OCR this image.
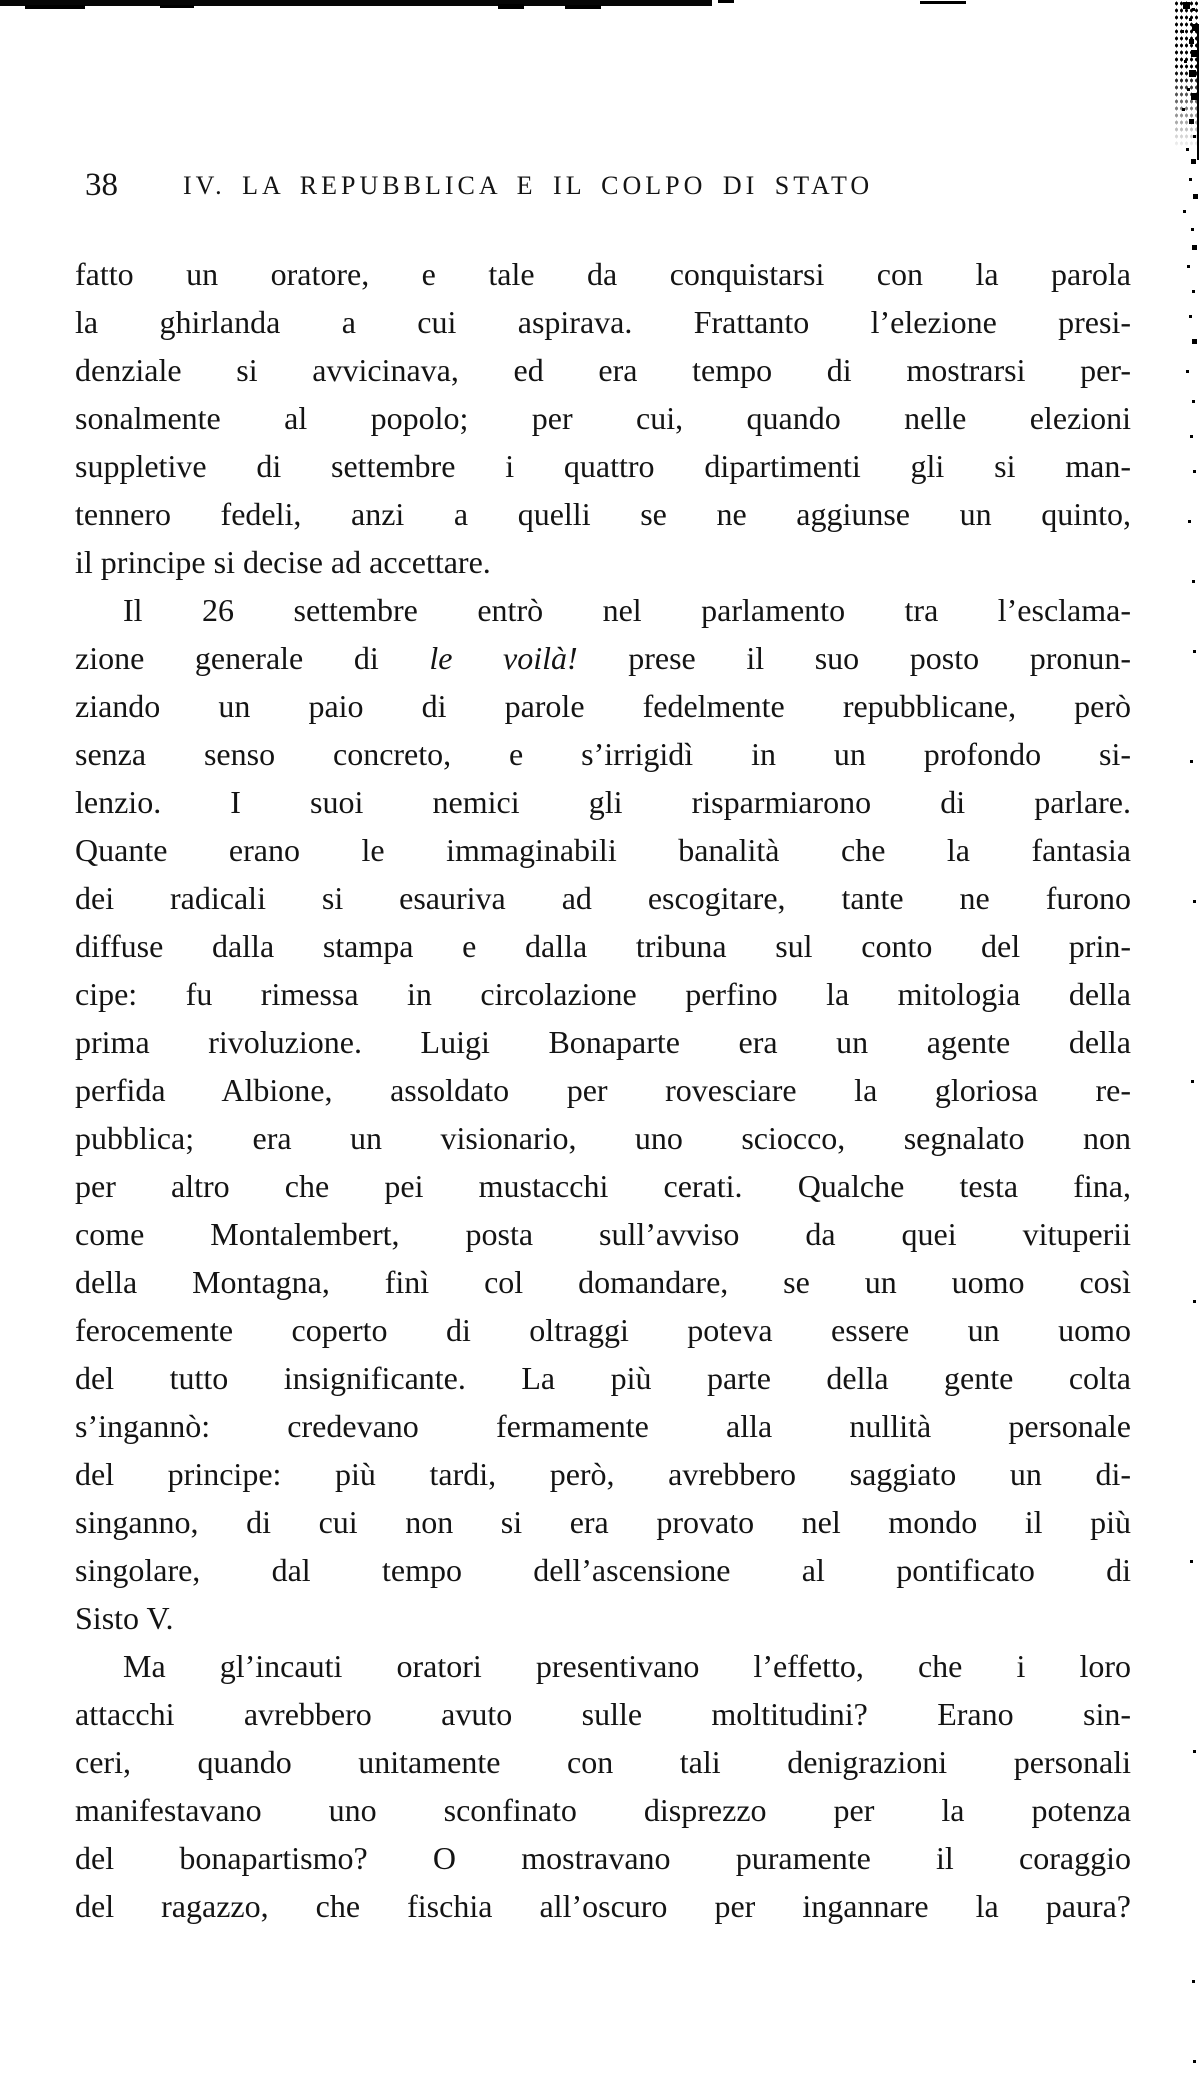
38	IV. LA REPUBBLICA E IL COLPO DI STATO
fatto un oratore, e tale da conquistarsi con la parola
la ghirlanda a cui aspirava. Frattanto l’elezione presi-
denziale si avvicinava, ed era tempo di mostrarsi per-
sonalmente al popolo; per cui, quando nelle elezioni
suppletive di settembre i quattro dipartimenti gli si man-
tennero fedeli, anzi a quelli se ne aggiunse un quinto,
il principe si decise ad accettare.
Il 26 settembre entrò nel parlamento tra l’esclama-
zione generale di le voilà! prese il suo posto pronun-
ziando un paio di parole fedelmente repubblicane, però
senza senso concreto, e s’irrigidì in un profondo si-
lenzio. I suoi nemici gli risparmiarono di parlare.
Quante erano le immaginabili banalità che la fantasia
dei radicali si esauriva ad escogitare, tante ne furono
diffuse dalla stampa e dalla tribuna sul conto del prin-
cipe: fu rimessa in circolazione perfino la mitologia della
prima rivoluzione. Luigi Bonaparte era un agente della
perfida Albione, assoldato per rovesciare la gloriosa re-
pubblica; era un visionario, uno sciocco, segnalato non
per altro che pei mustacchi cerati. Qualche testa fina,
come Montalembert, posta sull’avviso da quei vituperii
della Montagna, finì col domandare, se un uomo così
ferocemente coperto di oltraggi poteva essere un uomo
del tutto insignificante. La più parte della gente colta
s’ingannò: credevano fermamente alla nullità personale
del principe: più tardi, però, avrebbero saggiato un di-
singanno, di cui non si era provato nel mondo il più
singolare, dal tempo dell’ascensione al pontificato di
Sisto V.
Ma gl’incauti oratori presentivano l’effetto, che i loro
attacchi avrebbero avuto sulle moltitudini? Erano sin-
ceri, quando unitamente con tali denigrazioni personali
manifestavano uno sconfinato disprezzo per la potenza
del bonapartismo? O mostravano puramente il coraggio
del ragazzo, che fischia all’oscuro per ingannare la paura?
